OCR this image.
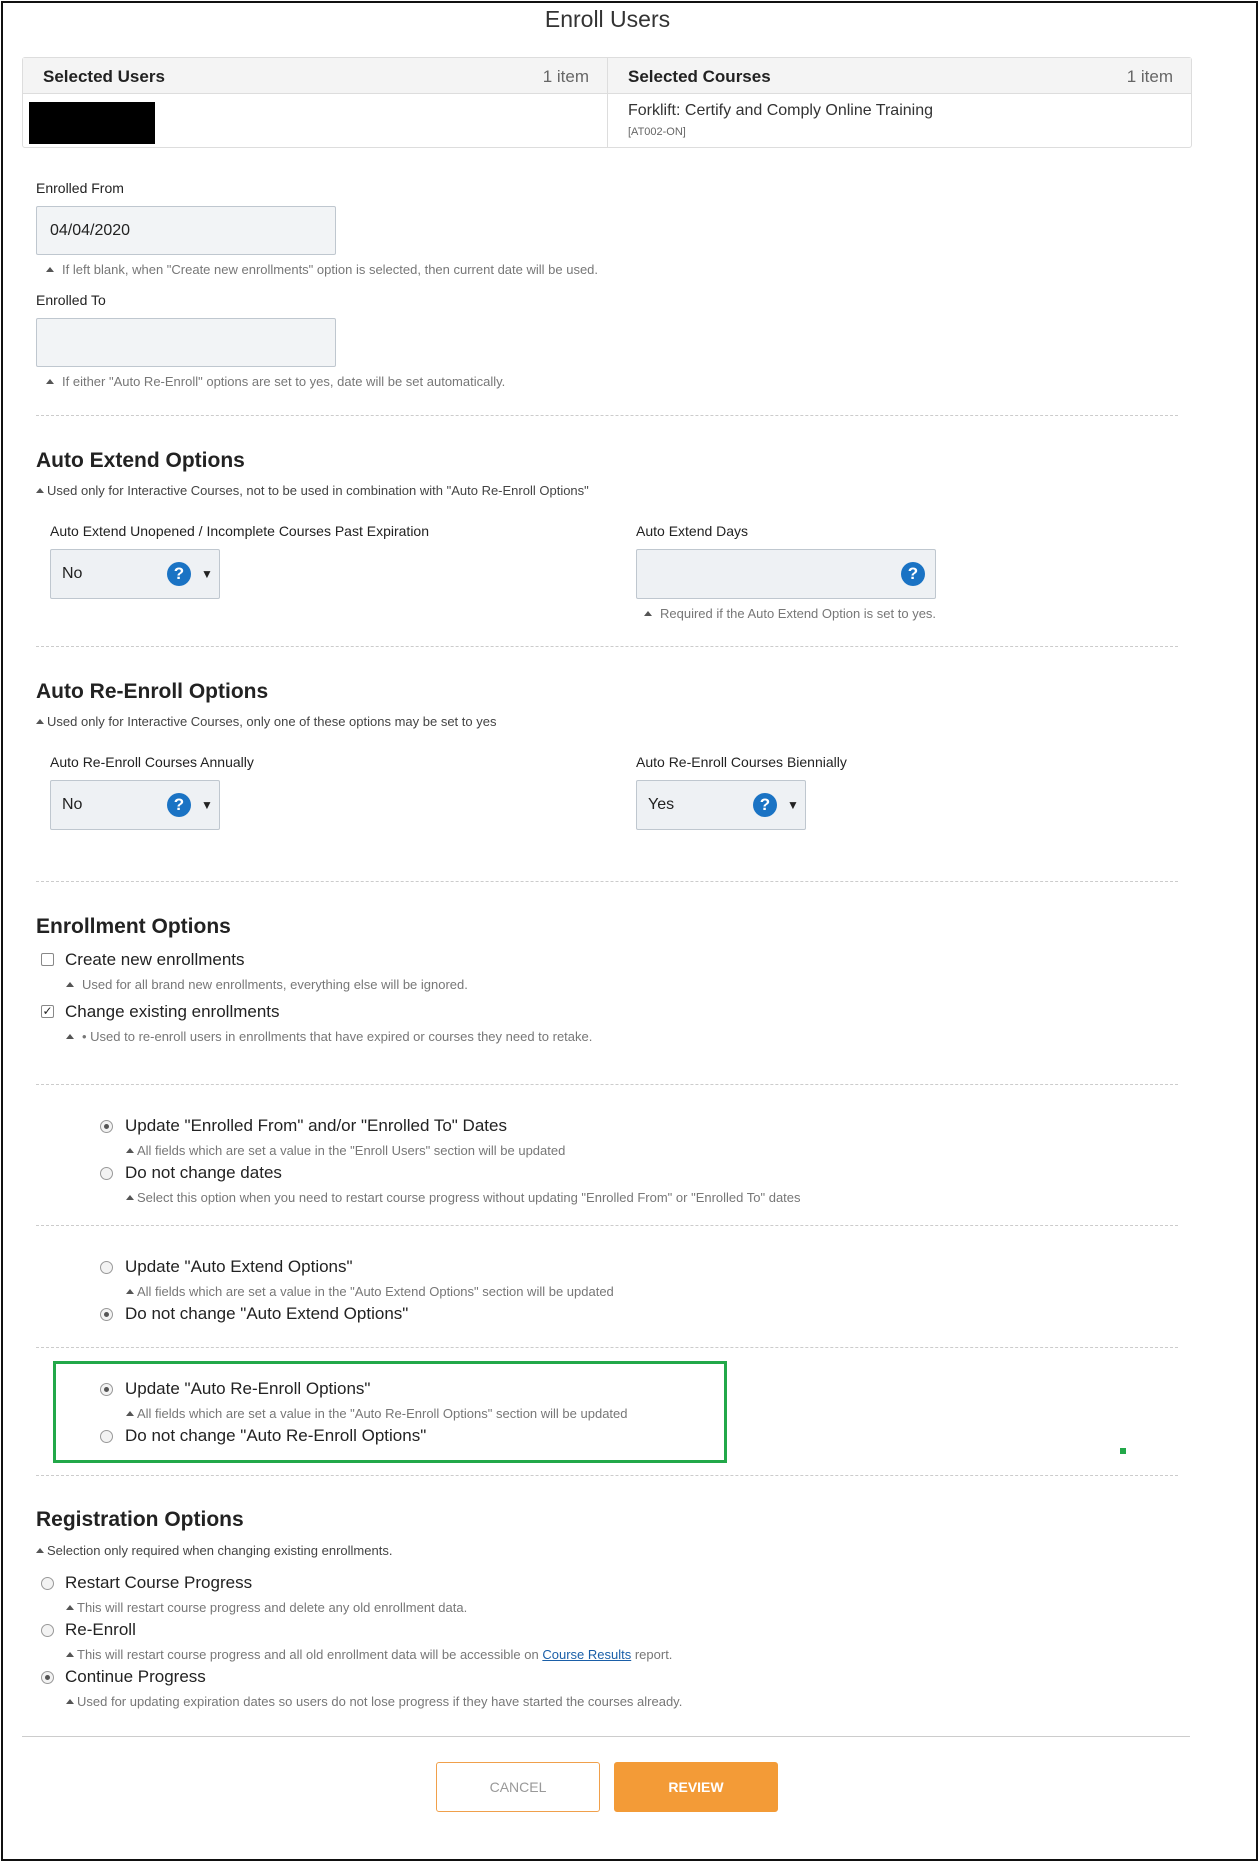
Enroll Users
Selected Users	1 item Selected Courses	1 item
Forklift: Certify and Comply Online Training
[AT002-ON]
Enrolled From
04/04/2020
If left blank, when "Create new enrollments" option is selected, then current date will be used.
Enrolled To
If either "Auto Re-Enroll" options are set to yes, date will be set automatically.
Auto Extend Options
Used only for Interactive Courses, not to be used in combination with "Auto Re-Enroll Options"
Auto Extend Unopened / Incomplete Courses Past Expiration
No	?	▼
Auto Extend Days
?
Required if the Auto Extend Option is set to yes.
Auto Re-Enroll Options
Used only for Interactive Courses, only one of these options may be set to yes
Auto Re-Enroll Courses Annually
No	?	▼
Auto Re-Enroll Courses Biennially
Yes	?	▼
Enrollment Options
Create new enrollments
Used for all brand new enrollments, everything else will be ignored.
✓ Change existing enrollments
• Used to re-enroll users in enrollments that have expired or courses they need to retake.
Update "Enrolled From" and/or "Enrolled To" Dates
All fields which are set a value in the "Enroll Users" section will be updated
Do not change dates
Select this option when you need to restart course progress without updating "Enrolled From" or "Enrolled To" dates
Update "Auto Extend Options"
All fields which are set a value in the "Auto Extend Options" section will be updated
Do not change "Auto Extend Options"
Update "Auto Re-Enroll Options"
All fields which are set a value in the "Auto Re-Enroll Options" section will be updated
Do not change "Auto Re-Enroll Options"
Registration Options
Selection only required when changing existing enrollments.
Restart Course Progress
This will restart course progress and delete any old enrollment data.
Re-Enroll
This will restart course progress and all old enrollment data will be accessible on Course Results report.
Continue Progress
Used for updating expiration dates so users do not lose progress if they have started the courses already.
CANCEL	REVIEW
